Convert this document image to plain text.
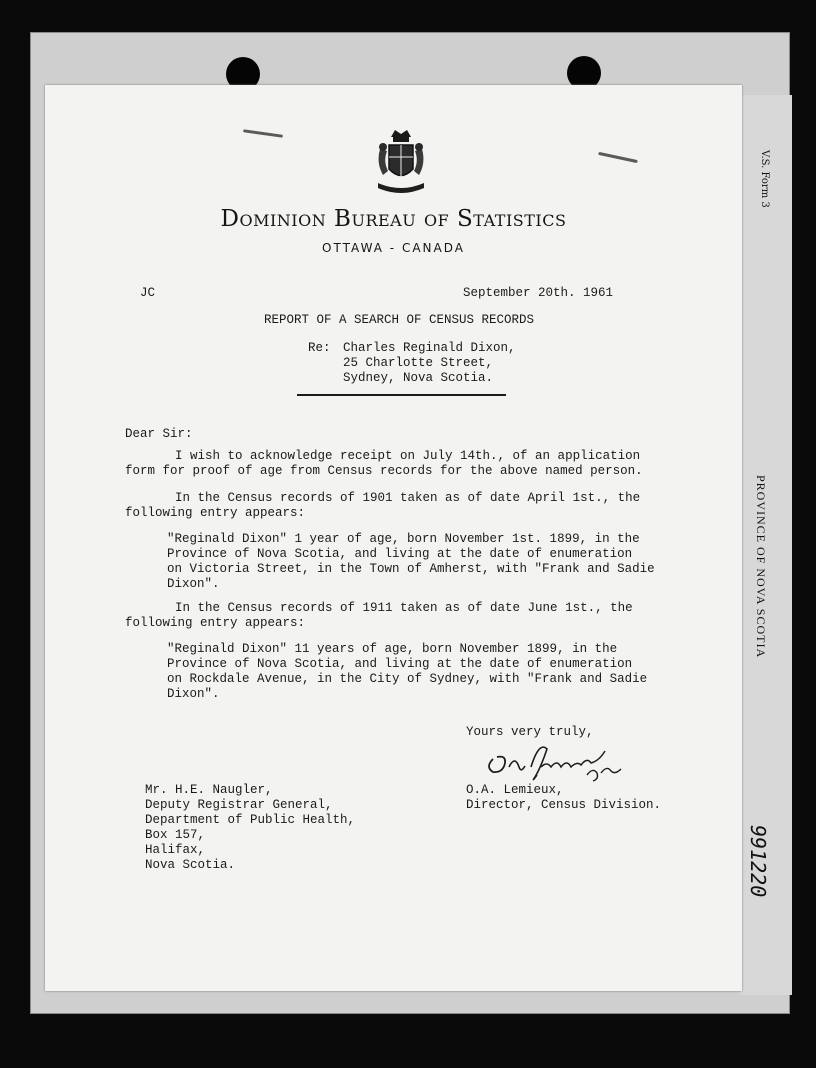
V.S. Form 3
PROVINCE OF NOVA SCOTIA
991220
Dominion Bureau of Statistics
OTTAWA - CANADA
JC	September 20th. 1961
REPORT OF A SEARCH OF CENSUS RECORDS
Re: Charles Reginald Dixon,
25 Charlotte Street,
Sydney, Nova Scotia.
Dear Sir:
I wish to acknowledge receipt on July 14th., of an application
form for proof of age from Census records for the above named person.
In the Census records of 1901 taken as of date April 1st., the
following entry appears:
"Reginald Dixon" 1 year of age, born November 1st. 1899, in the
Province of Nova Scotia, and living at the date of enumeration
on Victoria Street, in the Town of Amherst, with "Frank and Sadie
Dixon".
In the Census records of 1911 taken as of date June 1st., the
following entry appears:
"Reginald Dixon" 11 years of age, born November 1899, in the
Province of Nova Scotia, and living at the date of enumeration
on Rockdale Avenue, in the City of Sydney, with "Frank and Sadie
Dixon".
Yours very truly,
O.A. Lemieux,
Director, Census Division.
Mr. H.E. Naugler,
Deputy Registrar General,
Department of Public Health,
Box 157,
Halifax,
Nova Scotia.
